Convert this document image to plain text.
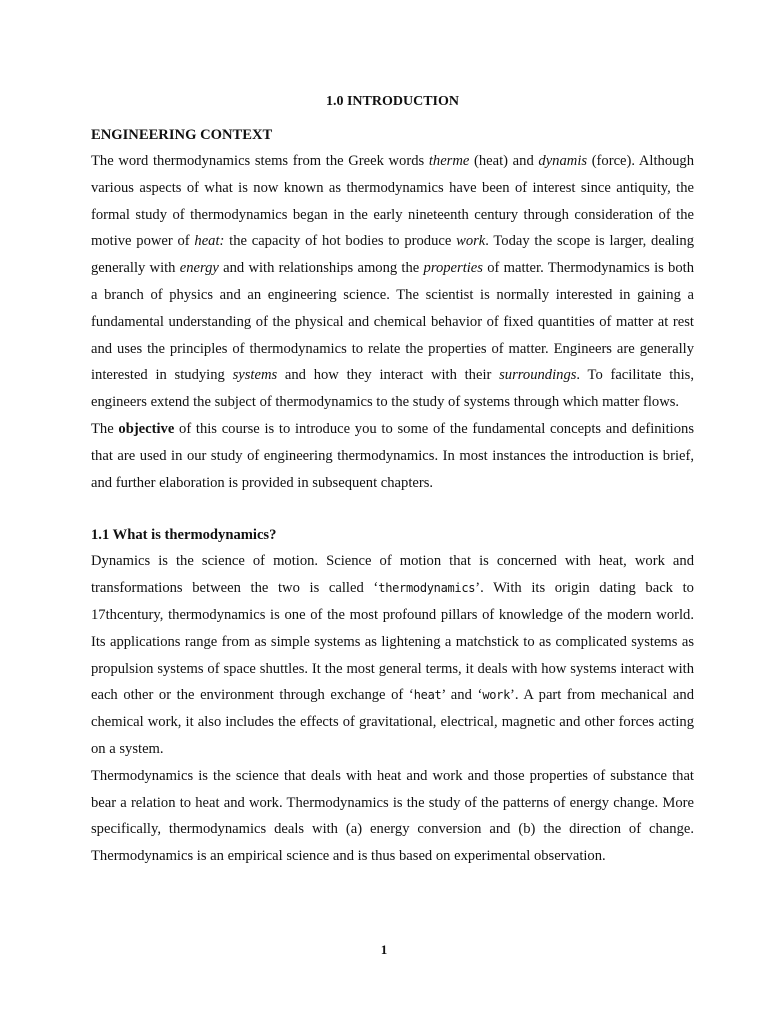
1.0 INTRODUCTION
ENGINEERING CONTEXT

The word thermodynamics stems from the Greek words therme (heat) and dynamis (force). Although various aspects of what is now known as thermodynamics have been of interest since antiquity, the formal study of thermodynamics began in the early nineteenth century through consideration of the motive power of heat: the capacity of hot bodies to produce work. Today the scope is larger, dealing generally with energy and with relationships among the properties of matter. Thermodynamics is both a branch of physics and an engineering science. The scientist is normally interested in gaining a fundamental understanding of the physical and chemical behavior of fixed quantities of matter at rest and uses the principles of thermodynamics to relate the properties of matter. Engineers are generally interested in studying systems and how they interact with their surroundings. To facilitate this, engineers extend the subject of thermodynamics to the study of systems through which matter flows.

The objective of this course is to introduce you to some of the fundamental concepts and definitions that are used in our study of engineering thermodynamics. In most instances the introduction is brief, and further elaboration is provided in subsequent chapters.

1.1 What is thermodynamics?

Dynamics is the science of motion. Science of motion that is concerned with heat, work and transformations between the two is called ‘thermodynamics’. With its origin dating back to 17thcentury, thermodynamics is one of the most profound pillars of knowledge of the modern world. Its applications range from as simple systems as lightening a matchstick to as complicated systems as propulsion systems of space shuttles. It the most general terms, it deals with how systems interact with each other or the environment through exchange of ‘heat’ and ‘work’. A part from mechanical and chemical work, it also includes the effects of gravitational, electrical, magnetic and other forces acting on a system.

Thermodynamics is the science that deals with heat and work and those properties of substance that bear a relation to heat and work. Thermodynamics is the study of the patterns of energy change. More specifically, thermodynamics deals with (a) energy conversion and (b) the direction of change. Thermodynamics is an empirical science and is thus based on experimental observation.

1
